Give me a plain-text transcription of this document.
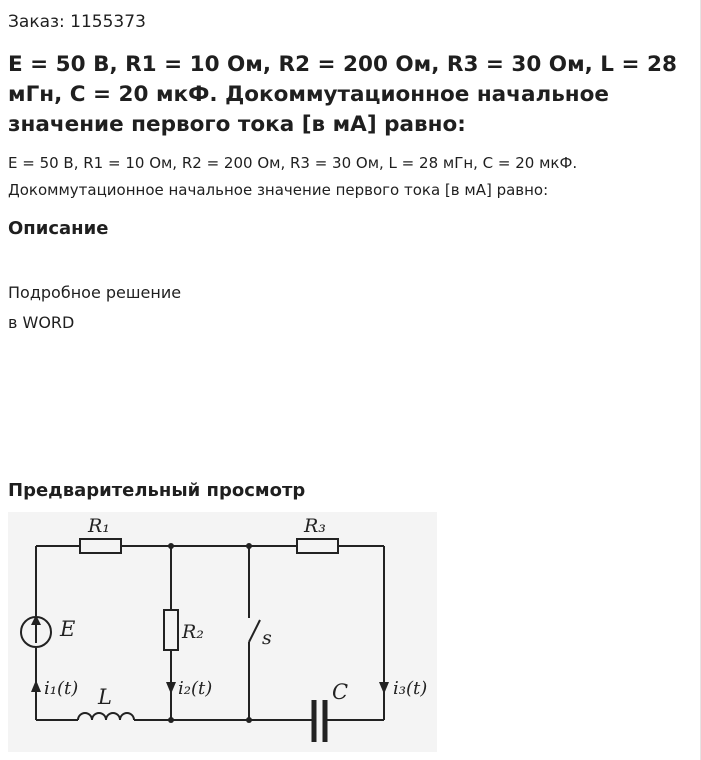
Заказ: 1155373
E = 50 В, R1 = 10 Ом, R2 = 200 Ом, R3 = 30 Ом, L = 28 мГн, C = 20 мкФ. Докоммутационное начальное значение первого тока [в мА] равно:
E = 50 В, R1 = 10 Ом, R2 = 200 Ом, R3 = 30 Ом, L = 28 мГн, C = 20 мкФ. Докоммутационное начальное значение первого тока [в мА] равно:
Описание
Подробное решение
в WORD
Предварительный просмотр
R₁	R₃
R₂
E	s
L	C
i₁(t)	i₂(t)	i₃(t)
